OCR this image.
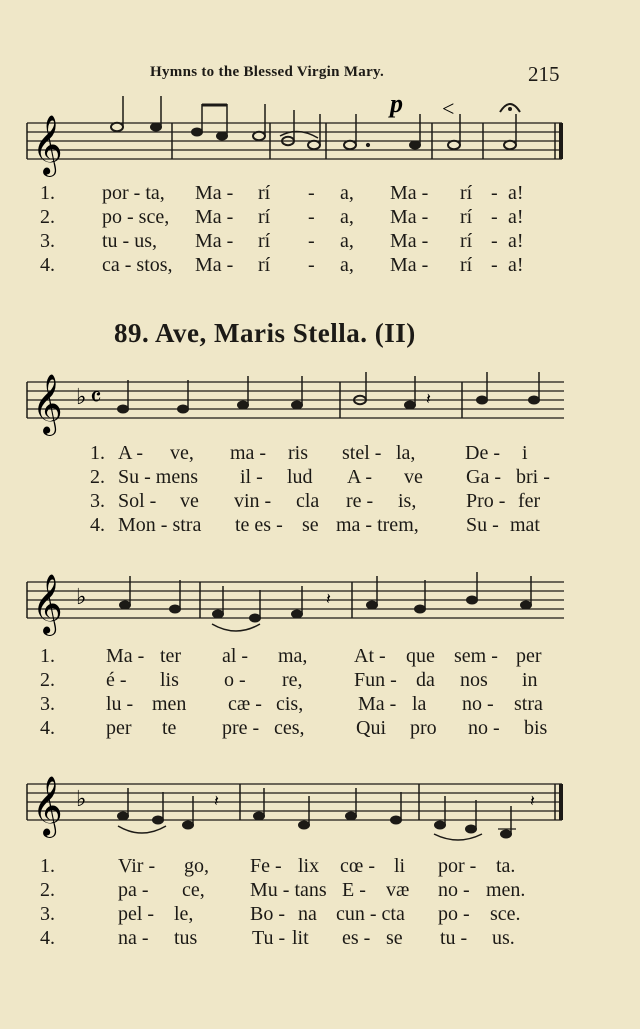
Hymns to the Blessed Virgin Mary.	215
p <
𝄞
1. por - ta, Ma - rí - a, Ma - rí - a!
2. po - sce, Ma - rí - a, Ma - rí - a!
3. tu - us, Ma - rí - a, Ma - rí - a!
4. ca - stos, Ma - rí - a, Ma - rí - a!
89. Ave, Maris Stella. (II)
𝄞 ♭ 𝄴	𝄽
1. A - ve, ma - ris stel - la, De - i
2. Su - mens il - lud A - ve Ga - bri -
3. Sol - ve vin - cla re - is, Pro - fer
4. Mon - stra te es - se ma - trem, Su - mat
𝄞 ♭	𝄽
1.	Ma - ter al - ma, At - que sem - per
2.	é - lis o - re,	Fun - da nos in
3.	lu - men cæ - cis,	Ma - la no - stra
4.	per te pre - ces,	Qui pro no - bis
𝄞 ♭	𝄽	𝄽
1.	Vir - go, Fe - lix cœ - li por - ta.
2.	pa - ce, Mu - tans E - væ no - men.
3.	pel - le,	Bo - na cun - cta po - sce.
4.	na - tus	Tu - lit es - se tu - us.
